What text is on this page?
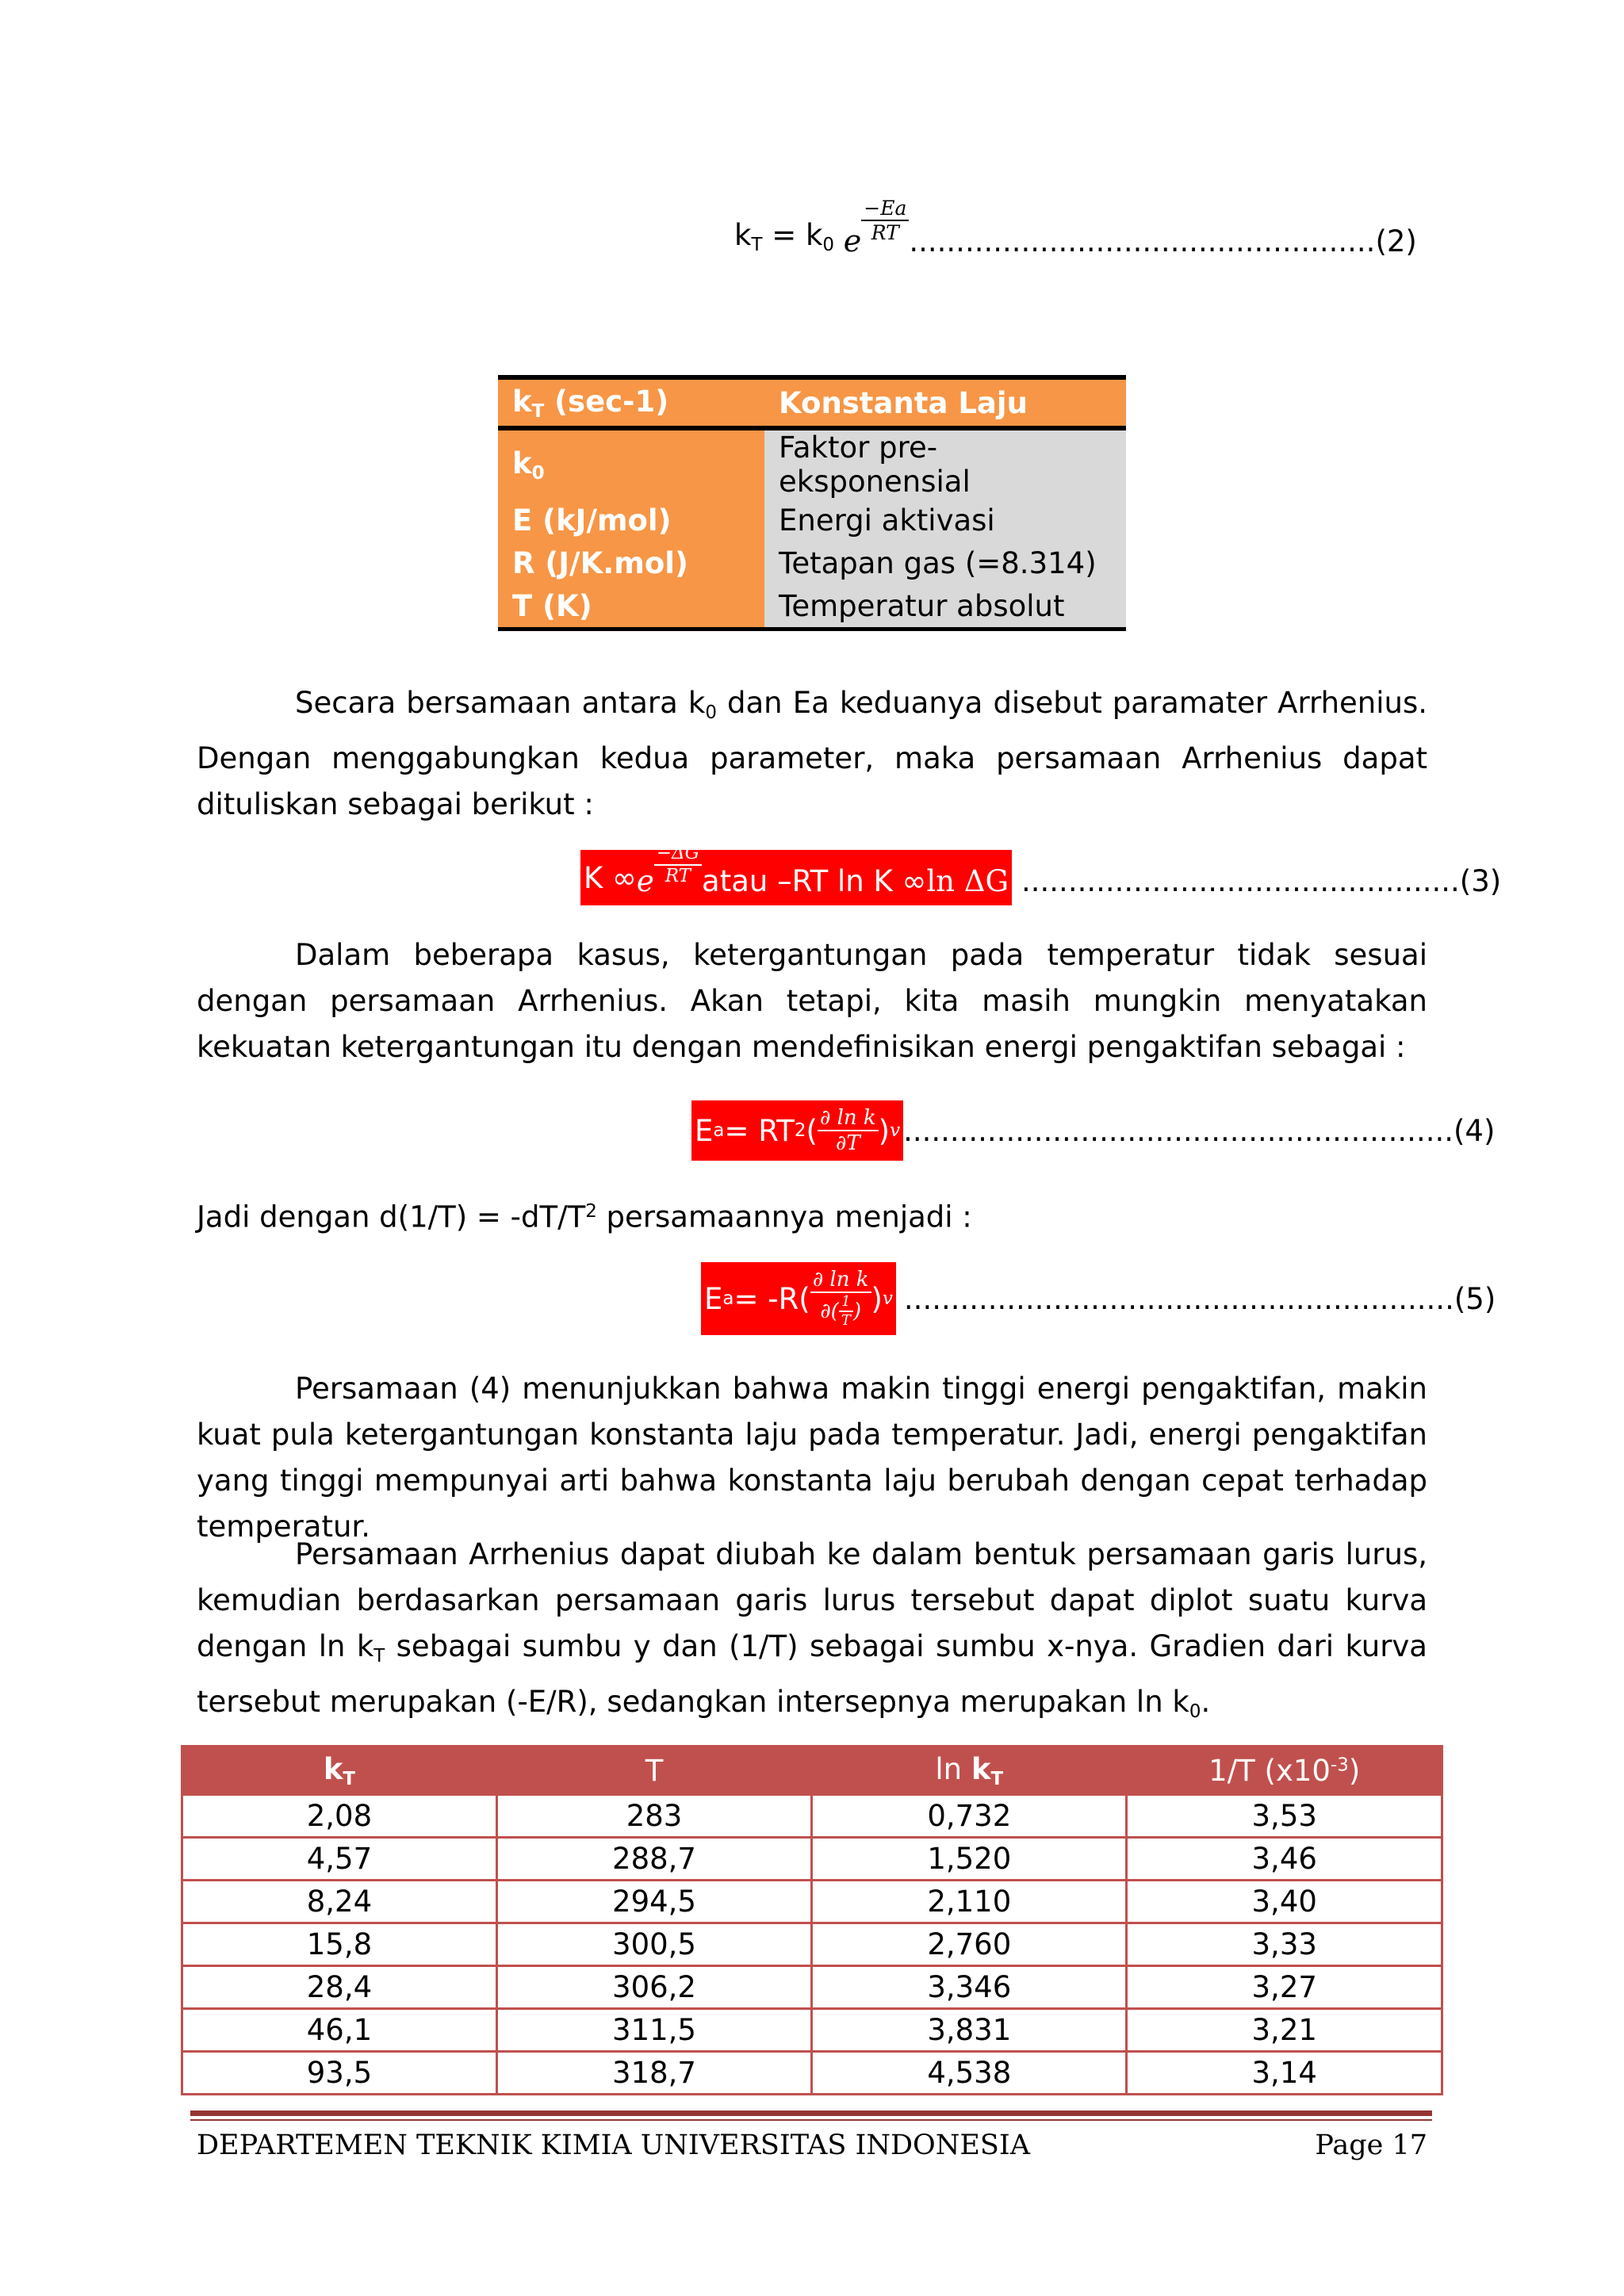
$k_T = k_0$ e $\frac{-Ea}{RT}$ .................................................. (2)
$k_T$ (sec-1)	Konstanta Laju
$k_0$	Faktor pre-eksponensial
E (kJ/mol)	Energi aktivasi
R (J/K.mol)	Tetapan gas (=8.314)
T (K)	Temperatur absolut

Secara bersamaan antara $k_0$ dan Ea keduanya disebut paramater Arrhenius. Dengan menggabungkan kedua parameter, maka persamaan Arrhenius dapat dituliskan sebagai berikut :

K ∞ e $\frac{-\Delta G}{RT}$ atau –RT ln K ∞ ln ΔG ............................................... (3)

Dalam beberapa kasus, ketergantungan pada temperatur tidak sesuai dengan persamaan Arrhenius. Akan tetapi, kita masih mungkin menyatakan kekuatan ketergantungan itu dengan mendefinisikan energi pengaktifan sebagai :

E a = RT 2 ( $\frac{\text{∂ ln k}}{\partial T}$ ) v ........................................................... (4)

Jadi dengan $d(1/T) = -dT/T^2$ persamaannya menjadi :

E $a = -R( \frac{\text{∂ ln k}}{\partial( \frac{1}{T} )}$ ) v ........................................................... (5)

Persamaan (4) menunjukkan bahwa makin tinggi energi pengaktifan, makin kuat pula ketergantungan konstanta laju pada temperatur. Jadi, energi pengaktifan yang tinggi mempunyai arti bahwa konstanta laju berubah dengan cepat terhadap temperatur.

Persamaan Arrhenius dapat diubah ke dalam bentuk persamaan garis lurus, kemudian berdasarkan persamaan garis lurus tersebut dapat diplot suatu kurva dengan $\ln k_T$ sebagai sumbu y dan (1/T) sebagai sumbu x-nya. Gradien dari kurva tersebut merupakan (-E/R), sedangkan intersepnya merupakan $\ln k_0$.

$k_T$	T	$\ln k_T$	1/T $(x10^{-3})$
2,08	283	0,732	3,53
4,57	288,7	1,520	3,46
8,24	294,5	2,110	3,40
15,8	300,5	2,760	3,33
28,4	306,2	3,346	3,27
46,1	311,5	3,831	3,21
93,5	318,7	4,538	3,14
DEPARTEMEN TEKNIK KIMIA UNIVERSITAS INDONESIA	Page 17
